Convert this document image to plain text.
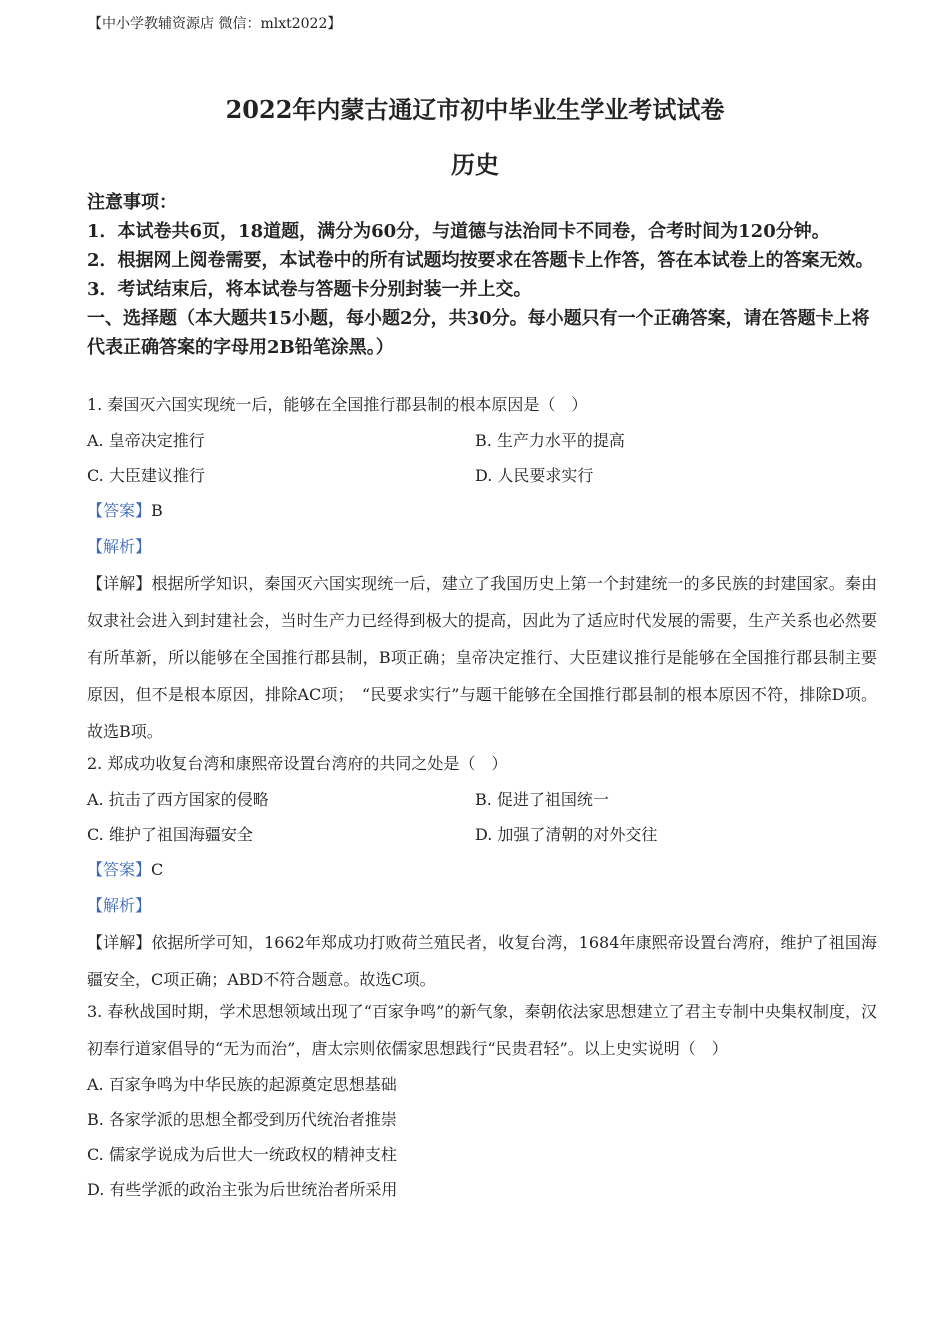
【中小学教辅资源店 微信：mlxt2022】
2022年内蒙古通辽市初中毕业生学业考试试卷
历史
注意事项：
1．本试卷共6页，18道题，满分为60分，与道德与法治同卡不同卷，合考时间为120分钟。
2．根据网上阅卷需要，本试卷中的所有试题均按要求在答题卡上作答，答在本试卷上的答案无效。
3．考试结束后，将本试卷与答题卡分别封装一并上交。
一、选择题（本大题共15小题，每小题2分，共30分。每小题只有一个正确答案，请在答题卡上将代表正确答案的字母用2B铅笔涂黑。）
1. 秦国灭六国实现统一后，能够在全国推行郡县制的根本原因是（　）
A. 皇帝决定推行	B. 生产力水平的提高
C. 大臣建议推行	D. 人民要求实行
【答案】B
【解析】
【详解】根据所学知识，秦国灭六国实现统一后，建立了我国历史上第一个封建统一的多民族的封建国家。秦由奴隶社会进入到封建社会，当时生产力已经得到极大的提高，因此为了适应时代发展的需要，生产关系也必然要有所革新，所以能够在全国推行郡县制，B项正确；皇帝决定推行、大臣建议推行是能够在全国推行郡县制主要原因，但不是根本原因，排除AC项；　“民要求实行”与题干能够在全国推行郡县制的根本原因不符，排除D项。故选B项。
2. 郑成功收复台湾和康熙帝设置台湾府的共同之处是（　）
A. 抗击了西方国家的侵略	B. 促进了祖国统一
C. 维护了祖国海疆安全	D. 加强了清朝的对外交往
【答案】C
【解析】
【详解】依据所学可知，1662年郑成功打败荷兰殖民者，收复台湾，1684年康熙帝设置台湾府，维护了祖国海疆安全，C项正确；ABD不符合题意。故选C项。
3. 春秋战国时期，学术思想领域出现了“百家争鸣”的新气象，秦朝依法家思想建立了君主专制中央集权制度，汉初奉行道家倡导的“无为而治”，唐太宗则依儒家思想践行“民贵君轻”。以上史实说明（　）
A. 百家争鸣为中华民族的起源奠定思想基础
B. 各家学派的思想全都受到历代统治者推崇
C. 儒家学说成为后世大一统政权的精神支柱
D. 有些学派的政治主张为后世统治者所采用
